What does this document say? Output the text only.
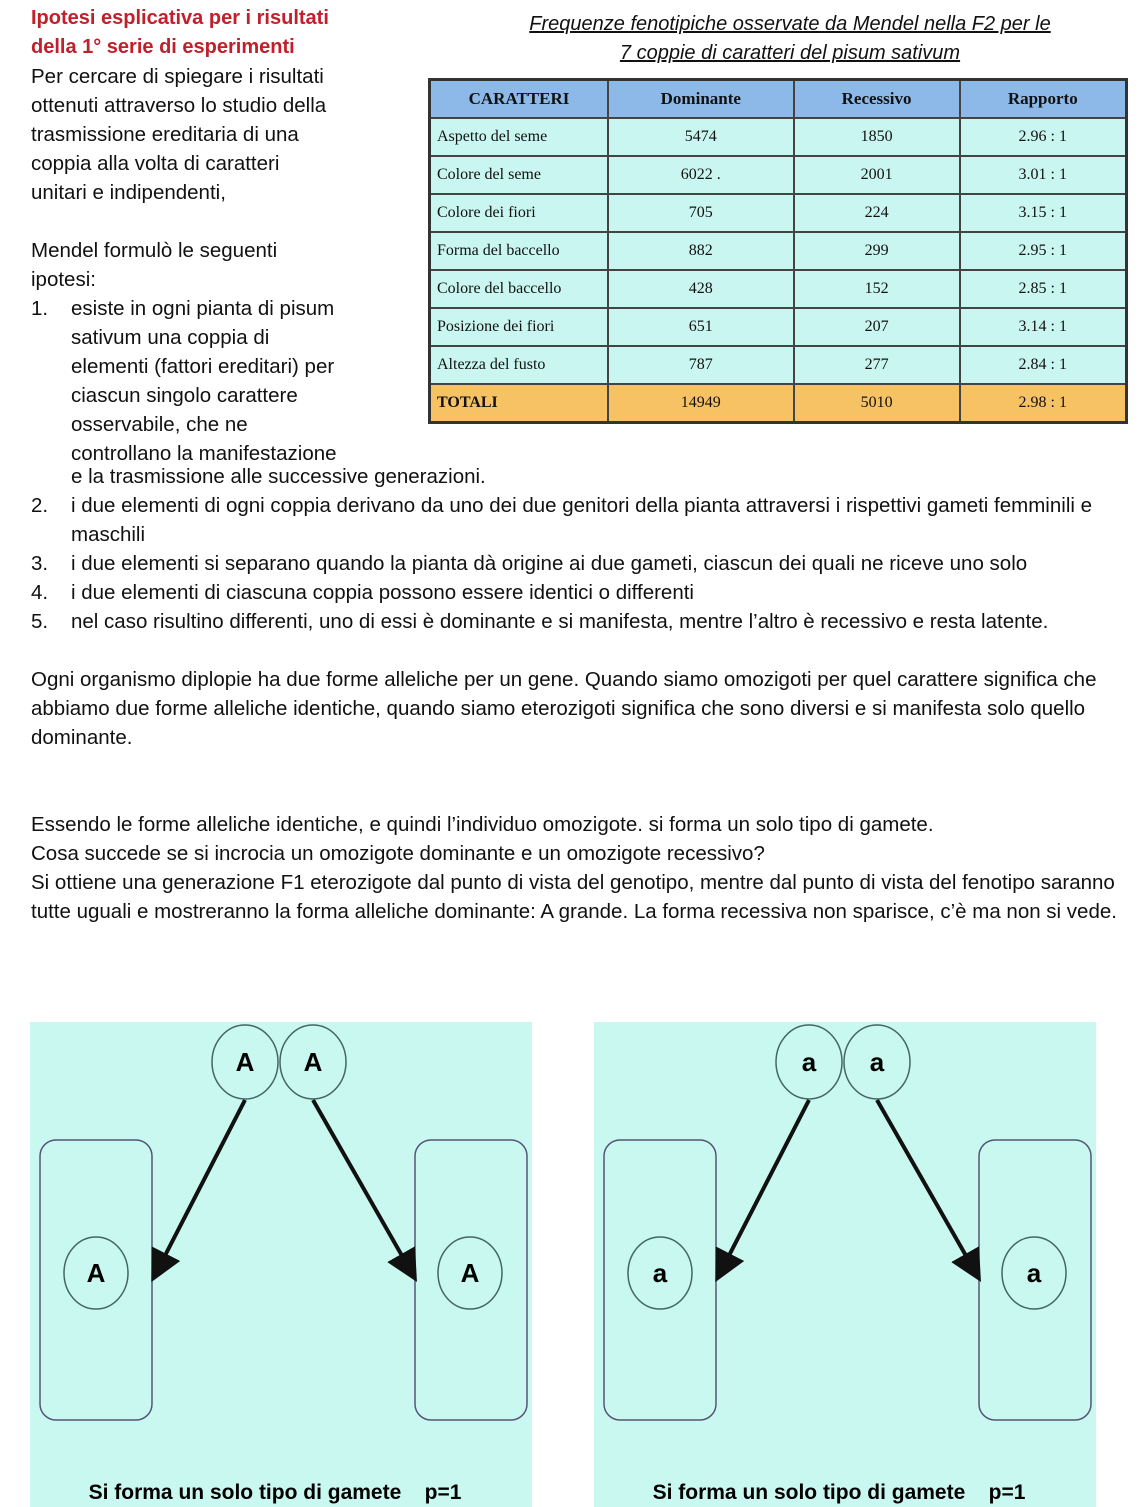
Ipotesi esplicativa per i risultati
della 1° serie di esperimenti
Per cercare di spiegare i risultati
ottenuti attraverso lo studio della
trasmissione ereditaria di una
coppia alla volta di caratteri
unitari e indipendenti,
Mendel formulò le seguenti
ipotesi:
1. esiste in ogni pianta di pisum
sativum una coppia di
elementi (fattori ereditari) per
ciascun singolo carattere
osservabile, che ne
controllano la manifestazione
Frequenze fenotipiche osservate da Mendel nella F2 per le
7 coppie di caratteri del pisum sativum
CARATTERI	Dominante	Recessivo	Rapporto
Aspetto del seme	5474	1850	2.96 : 1
Colore del seme	6022 .	2001	3.01 : 1
Colore dei fiori	705	224	3.15 : 1
Forma del baccello	882	299	2.95 : 1
Colore del baccello	428	152	2.85 : 1
Posizione dei fiori	651	207	3.14 : 1
Altezza del fusto	787	277	2.84 : 1
TOTALI	14949	5010	2.98 : 1
e la trasmissione alle successive generazioni.
2. i due elementi di ogni coppia derivano da uno dei due genitori della pianta attraversi i rispettivi gameti femminili e maschili
3. i due elementi si separano quando la pianta dà origine ai due gameti, ciascun dei quali ne riceve uno solo
4. i due elementi di ciascuna coppia possono essere identici o differenti
5. nel caso risultino differenti, uno di essi è dominante e si manifesta, mentre l’altro è recessivo e resta latente.
Ogni organismo diplopie ha due forme alleliche per un gene. Quando siamo omozigoti per quel carattere significa che abbiamo due forme alleliche identiche, quando siamo eterozigoti significa che sono diversi e si manifesta solo quello dominante.
Essendo le forme alleliche identiche, e quindi l’individuo omozigote. si forma un solo tipo di gamete.
Cosa succede se si incrocia un omozigote dominante e un omozigote recessivo?
Si ottiene una generazione F1 eterozigote dal punto di vista del genotipo, mentre dal punto di vista del fenotipo saranno tutte uguali e mostreranno la forma alleliche dominante: A grande. La forma recessiva non sparisce, c’è ma non si vede.
A A
A	A
Si forma un solo tipo di gamete    p=1
a a
a	a
Si forma un solo tipo di gamete    p=1
